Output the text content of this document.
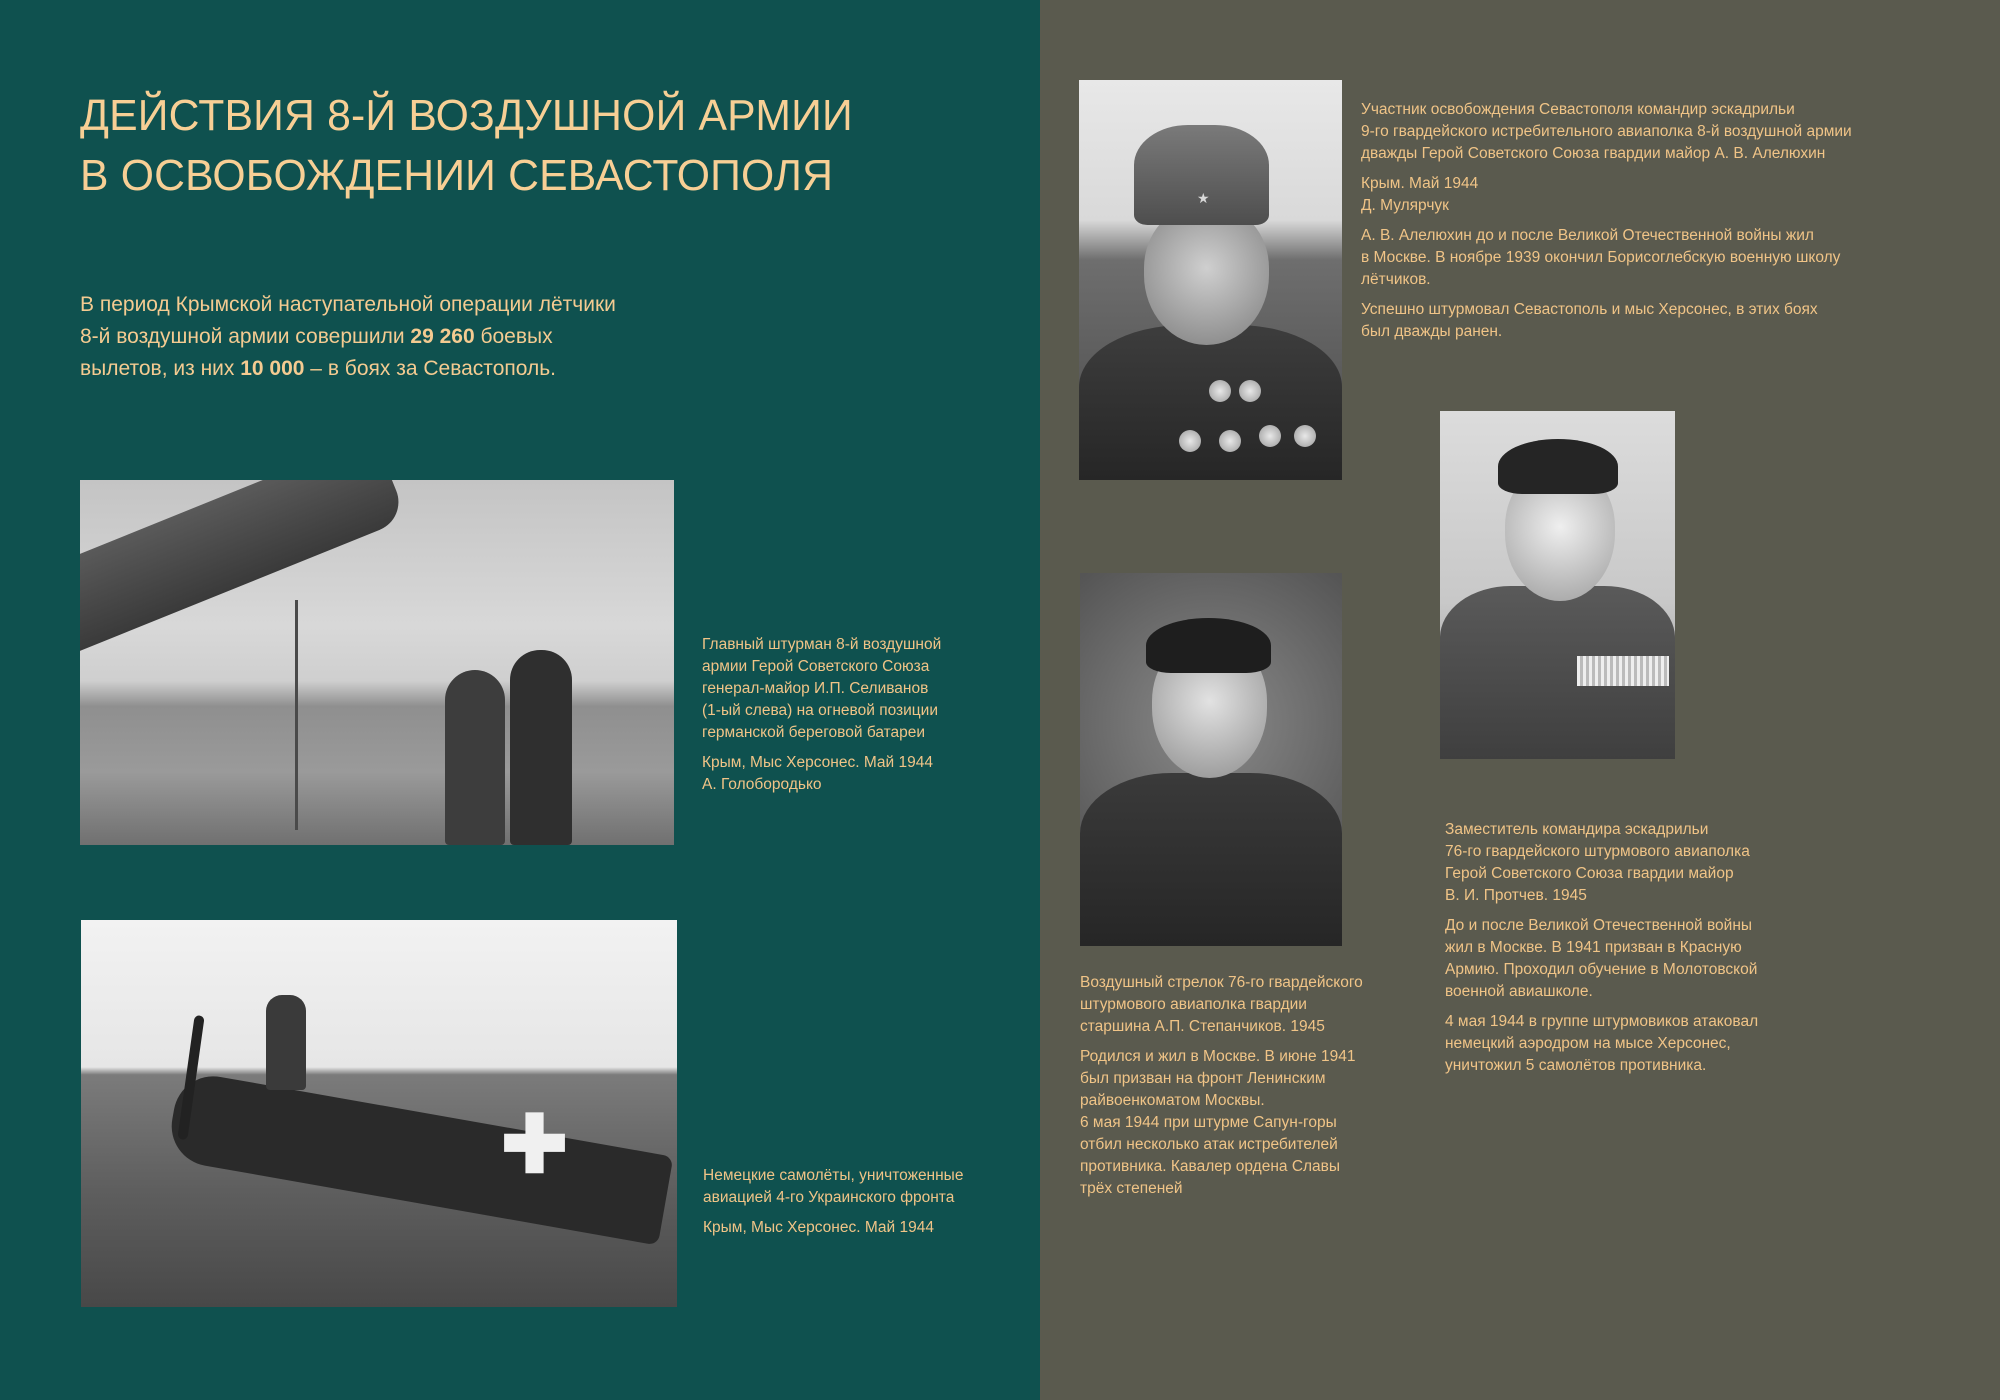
ДЕЙСТВИЯ 8-Й ВОЗДУШНОЙ АРМИИ
В ОСВОБОЖДЕНИИ СЕВАСТОПОЛЯ
В период Крымской наступательной операции лётчики
8-й воздушной армии совершили 29 260 боевых
вылетов, из них 10 000 – в боях за Севастополь.

Главный штурман 8-й воздушной
армии Герой Советского Союза
генерал-майор И.П. Селиванов
(1-ый слева) на огневой позиции
германской береговой батареи

Крым, Мыс Херсонес. Май 1944
А. Голобородько

✚	Немецкие самолёты, уничтоженные
авиацией 4-го Украинского фронта

Крым, Мыс Херсонес. Май 1944

★

Участник освобождения Севастополя командир эскадрильи
9-го гвардейского истребительного авиаполка 8-й воздушной армии
дважды Герой Советского Союза гвардии майор А. В. Алелюхин

Крым. Май 1944
Д. Мулярчук

А. В. Алелюхин до и после Великой Отечественной войны жил
в Москве. В ноябре 1939 окончил Борисоглебскую военную школу
лётчиков.

Успешно штурмовал Севастополь и мыс Херсонес, в этих боях
был дважды ранен.

Воздушный стрелок 76-го гвардейского
штурмового авиаполка гвардии
старшина А.П. Степанчиков. 1945

Родился и жил в Москве. В июне 1941
был призван на фронт Ленинским
райвоенкоматом Москвы.
6 мая 1944 при штурме Сапун-горы
отбил несколько атак истребителей
противника. Кавалер ордена Славы
трёх степеней

Заместитель командира эскадрильи
76-го гвардейского штурмового авиаполка
Герой Советского Союза гвардии майор
В. И. Протчев. 1945

До и после Великой Отечественной войны
жил в Москве. В 1941 призван в Красную
Армию. Проходил обучение в Молотовской
военной авиашколе.

4 мая 1944 в группе штурмовиков атаковал
немецкий аэродром на мысе Херсонес,
уничтожил 5 самолётов противника.
